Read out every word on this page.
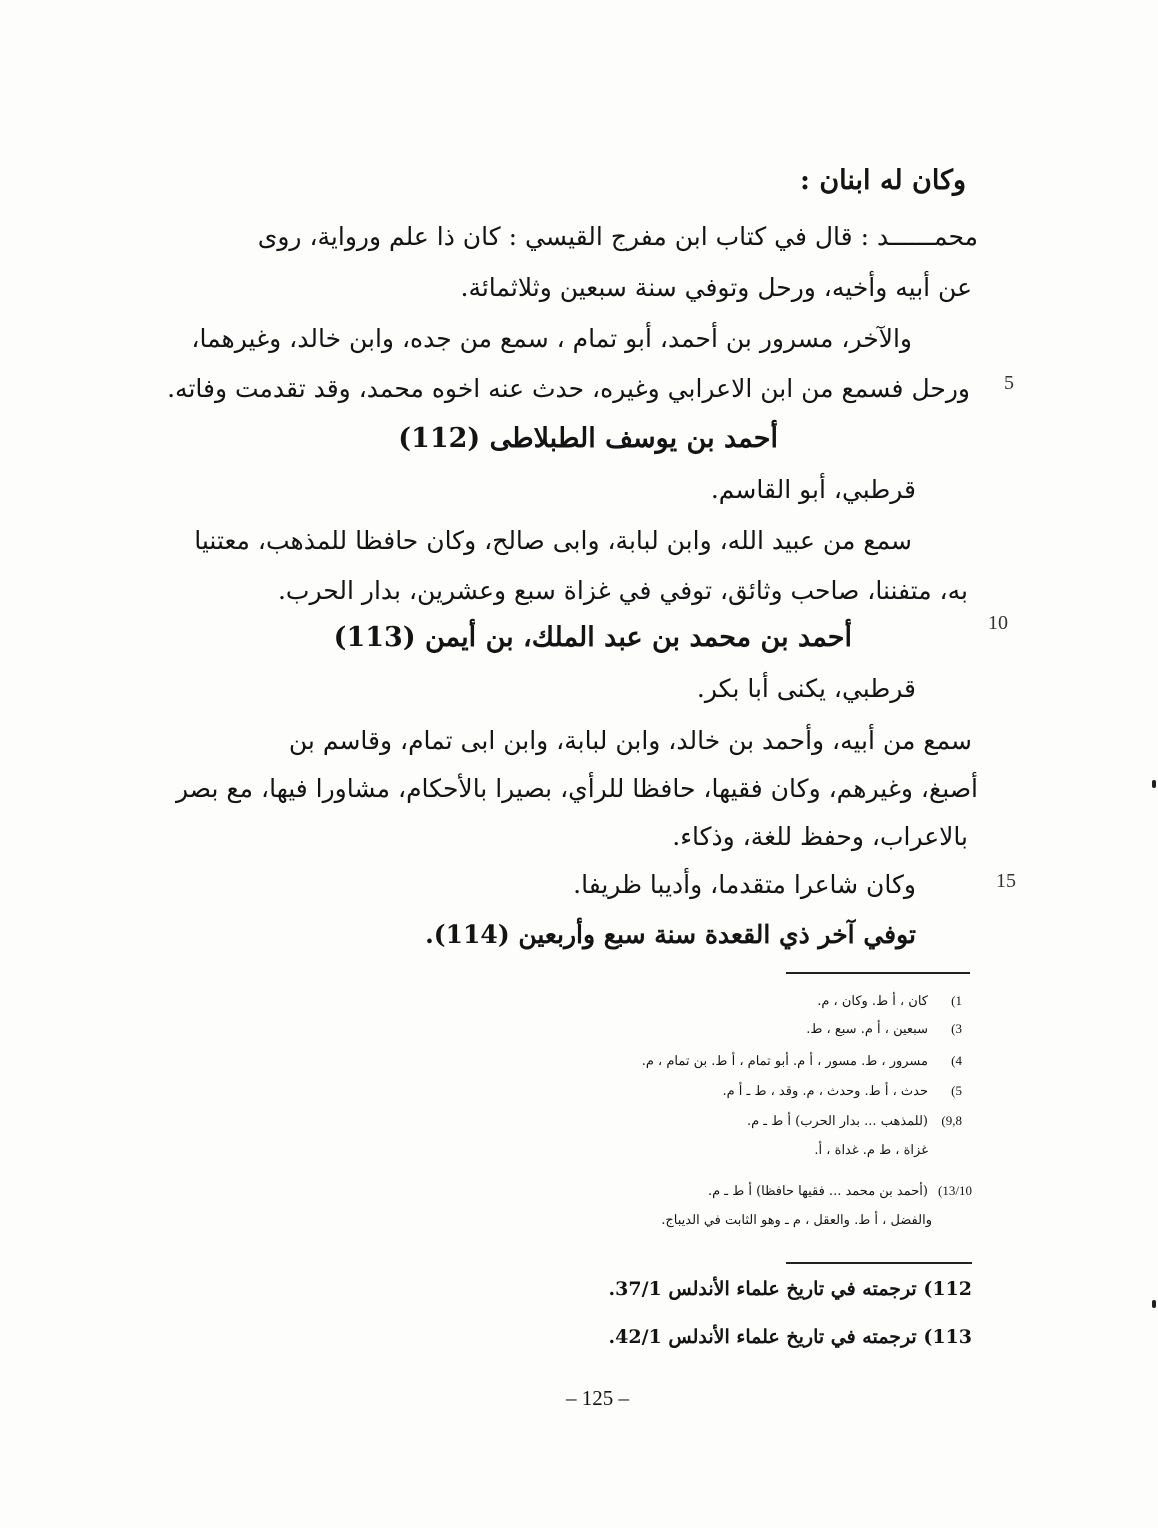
وكان له ابنان :
محمــــــد : قال في كتاب ابن مفرج القيسي : كان ذا علم ورواية، روى
عن أبيه وأخيه، ورحل وتوفي سنة سبعين وثلاثمائة.
والآخر، مسرور بن أحمد، أبو تمام ، سمع من جده، وابن خالد، وغيرهما،
5
ورحل فسمع من ابن الاعرابي وغيره، حدث عنه اخوه محمد، وقد تقدمت وفاته.
أحمد بن يوسف الطبلاطى (112)
قرطبي، أبو القاسم.
سمع من عبيد الله، وابن لبابة، وابى صالح، وكان حافظا للمذهب، معتنيا
به، متفننا، صاحب وثائق، توفي في غزاة سبع وعشرين، بدار الحرب.
10
أحمد بن محمد بن عبد الملك، بن أيمن (113)
قرطبي، يكنى أبا بكر.
سمع من أبيه، وأحمد بن خالد، وابن لبابة، وابن ابى تمام، وقاسم بن
أصبغ، وغيرهم، وكان فقيها، حافظا للرأي، بصيرا بالأحكام، مشاورا فيها، مع بصر
بالاعراب، وحفظ للغة، وذكاء.
15
وكان شاعرا متقدما، وأديبا ظريفا.
توفي آخر ذي القعدة سنة سبع وأربعين (114).
1)كان ، أ ط. وكان ، م.
3)سبعين ، أ م. سبع ، ط.
4)مسرور ، ط. مسور ، أ م. أبو تمام ، أ ط. بن تمام ، م.
5)حدث ، أ ط. وحدث ، م. وقد ، ط ـ أ م.
9,8)(للمذهب ... بدار الحرب) أ ط ـ م.
غزاة ، ط م. غداة ، أ.
13/10)(أحمد بن محمد ... فقيها حافظا) أ ط ـ م.
والفضل ، أ ط. والعقل ، م ـ وهو الثابت في الديباج.
112) ترجمته في تاريخ علماء الأندلس 37/1.
113) ترجمته في تاريخ علماء الأندلس 42/1.
– 125 –
